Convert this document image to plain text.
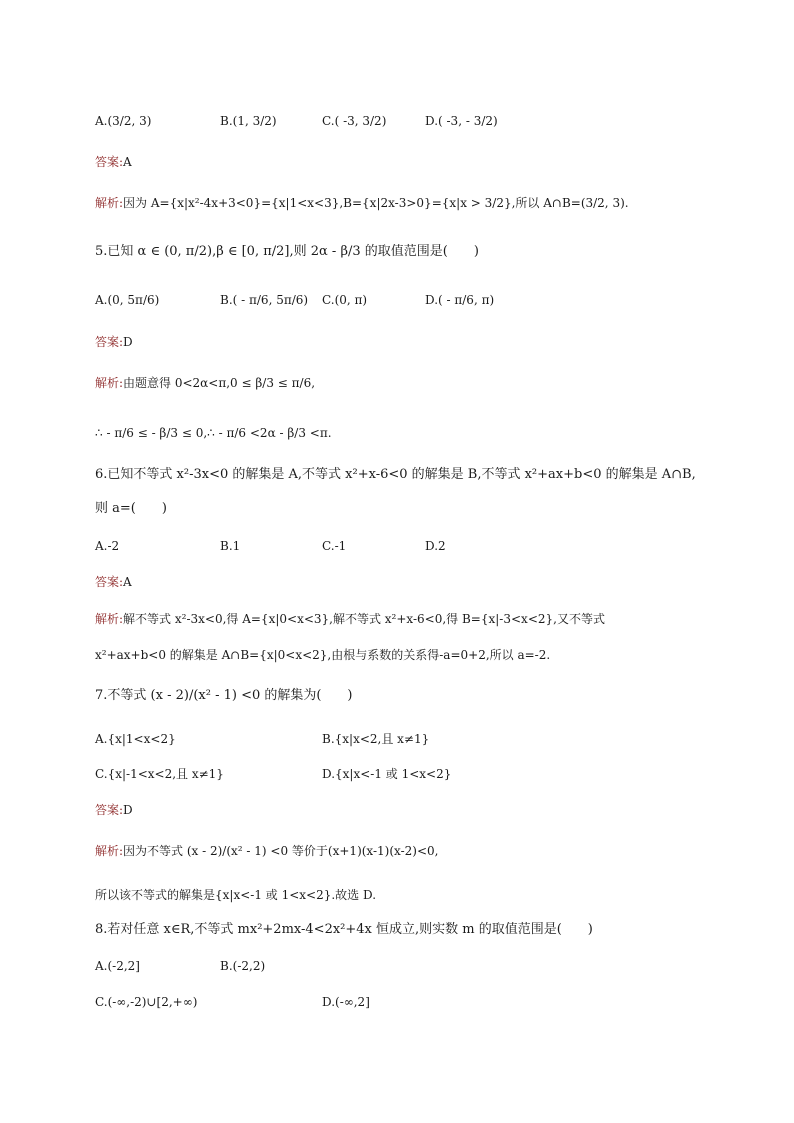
A.(3/2, 3)	B.(1, 3/2)	C.( -3, 3/2)	D.( -3, - 3/2)
答案:A
解析:因为 A={x|x²-4x+3<0}={x|1<x<3},B={x|2x-3>0}={x|x > 3/2},所以 A∩B=(3/2, 3).
5.已知 α ∈ (0, π/2),β ∈ [0, π/2],则 2α - β/3 的取值范围是(　　)
A.(0, 5π/6)	B.( - π/6, 5π/6) C.(0, π)	D.( - π/6, π)
答案:D
解析:由题意得 0<2α<π,0 ≤ β/3 ≤ π/6,
∴ - π/6 ≤ - β/3 ≤ 0,∴ - π/6 <2α - β/3 <π.
6.已知不等式 x²-3x<0 的解集是 A,不等式 x²+x-6<0 的解集是 B,不等式 x²+ax+b<0 的解集是 A∩B,
则 a=(　　)
A.-2	B.1	C.-1	D.2
答案:A
解析:解不等式 x²-3x<0,得 A={x|0<x<3},解不等式 x²+x-6<0,得 B={x|-3<x<2},又不等式
x²+ax+b<0 的解集是 A∩B={x|0<x<2},由根与系数的关系得-a=0+2,所以 a=-2.
7.不等式 (x - 2)/(x² - 1) <0 的解集为(　　)
A.{x|1<x<2}	B.{x|x<2,且 x≠1}
C.{x|-1<x<2,且 x≠1}	D.{x|x<-1 或 1<x<2}
答案:D
解析:因为不等式 (x - 2)/(x² - 1) <0 等价于(x+1)(x-1)(x-2)<0,
所以该不等式的解集是{x|x<-1 或 1<x<2}.故选 D.
8.若对任意 x∈R,不等式 mx²+2mx-4<2x²+4x 恒成立,则实数 m 的取值范围是(　　)
A.(-2,2]	B.(-2,2)
C.(-∞,-2)∪[2,+∞)	D.(-∞,2]
